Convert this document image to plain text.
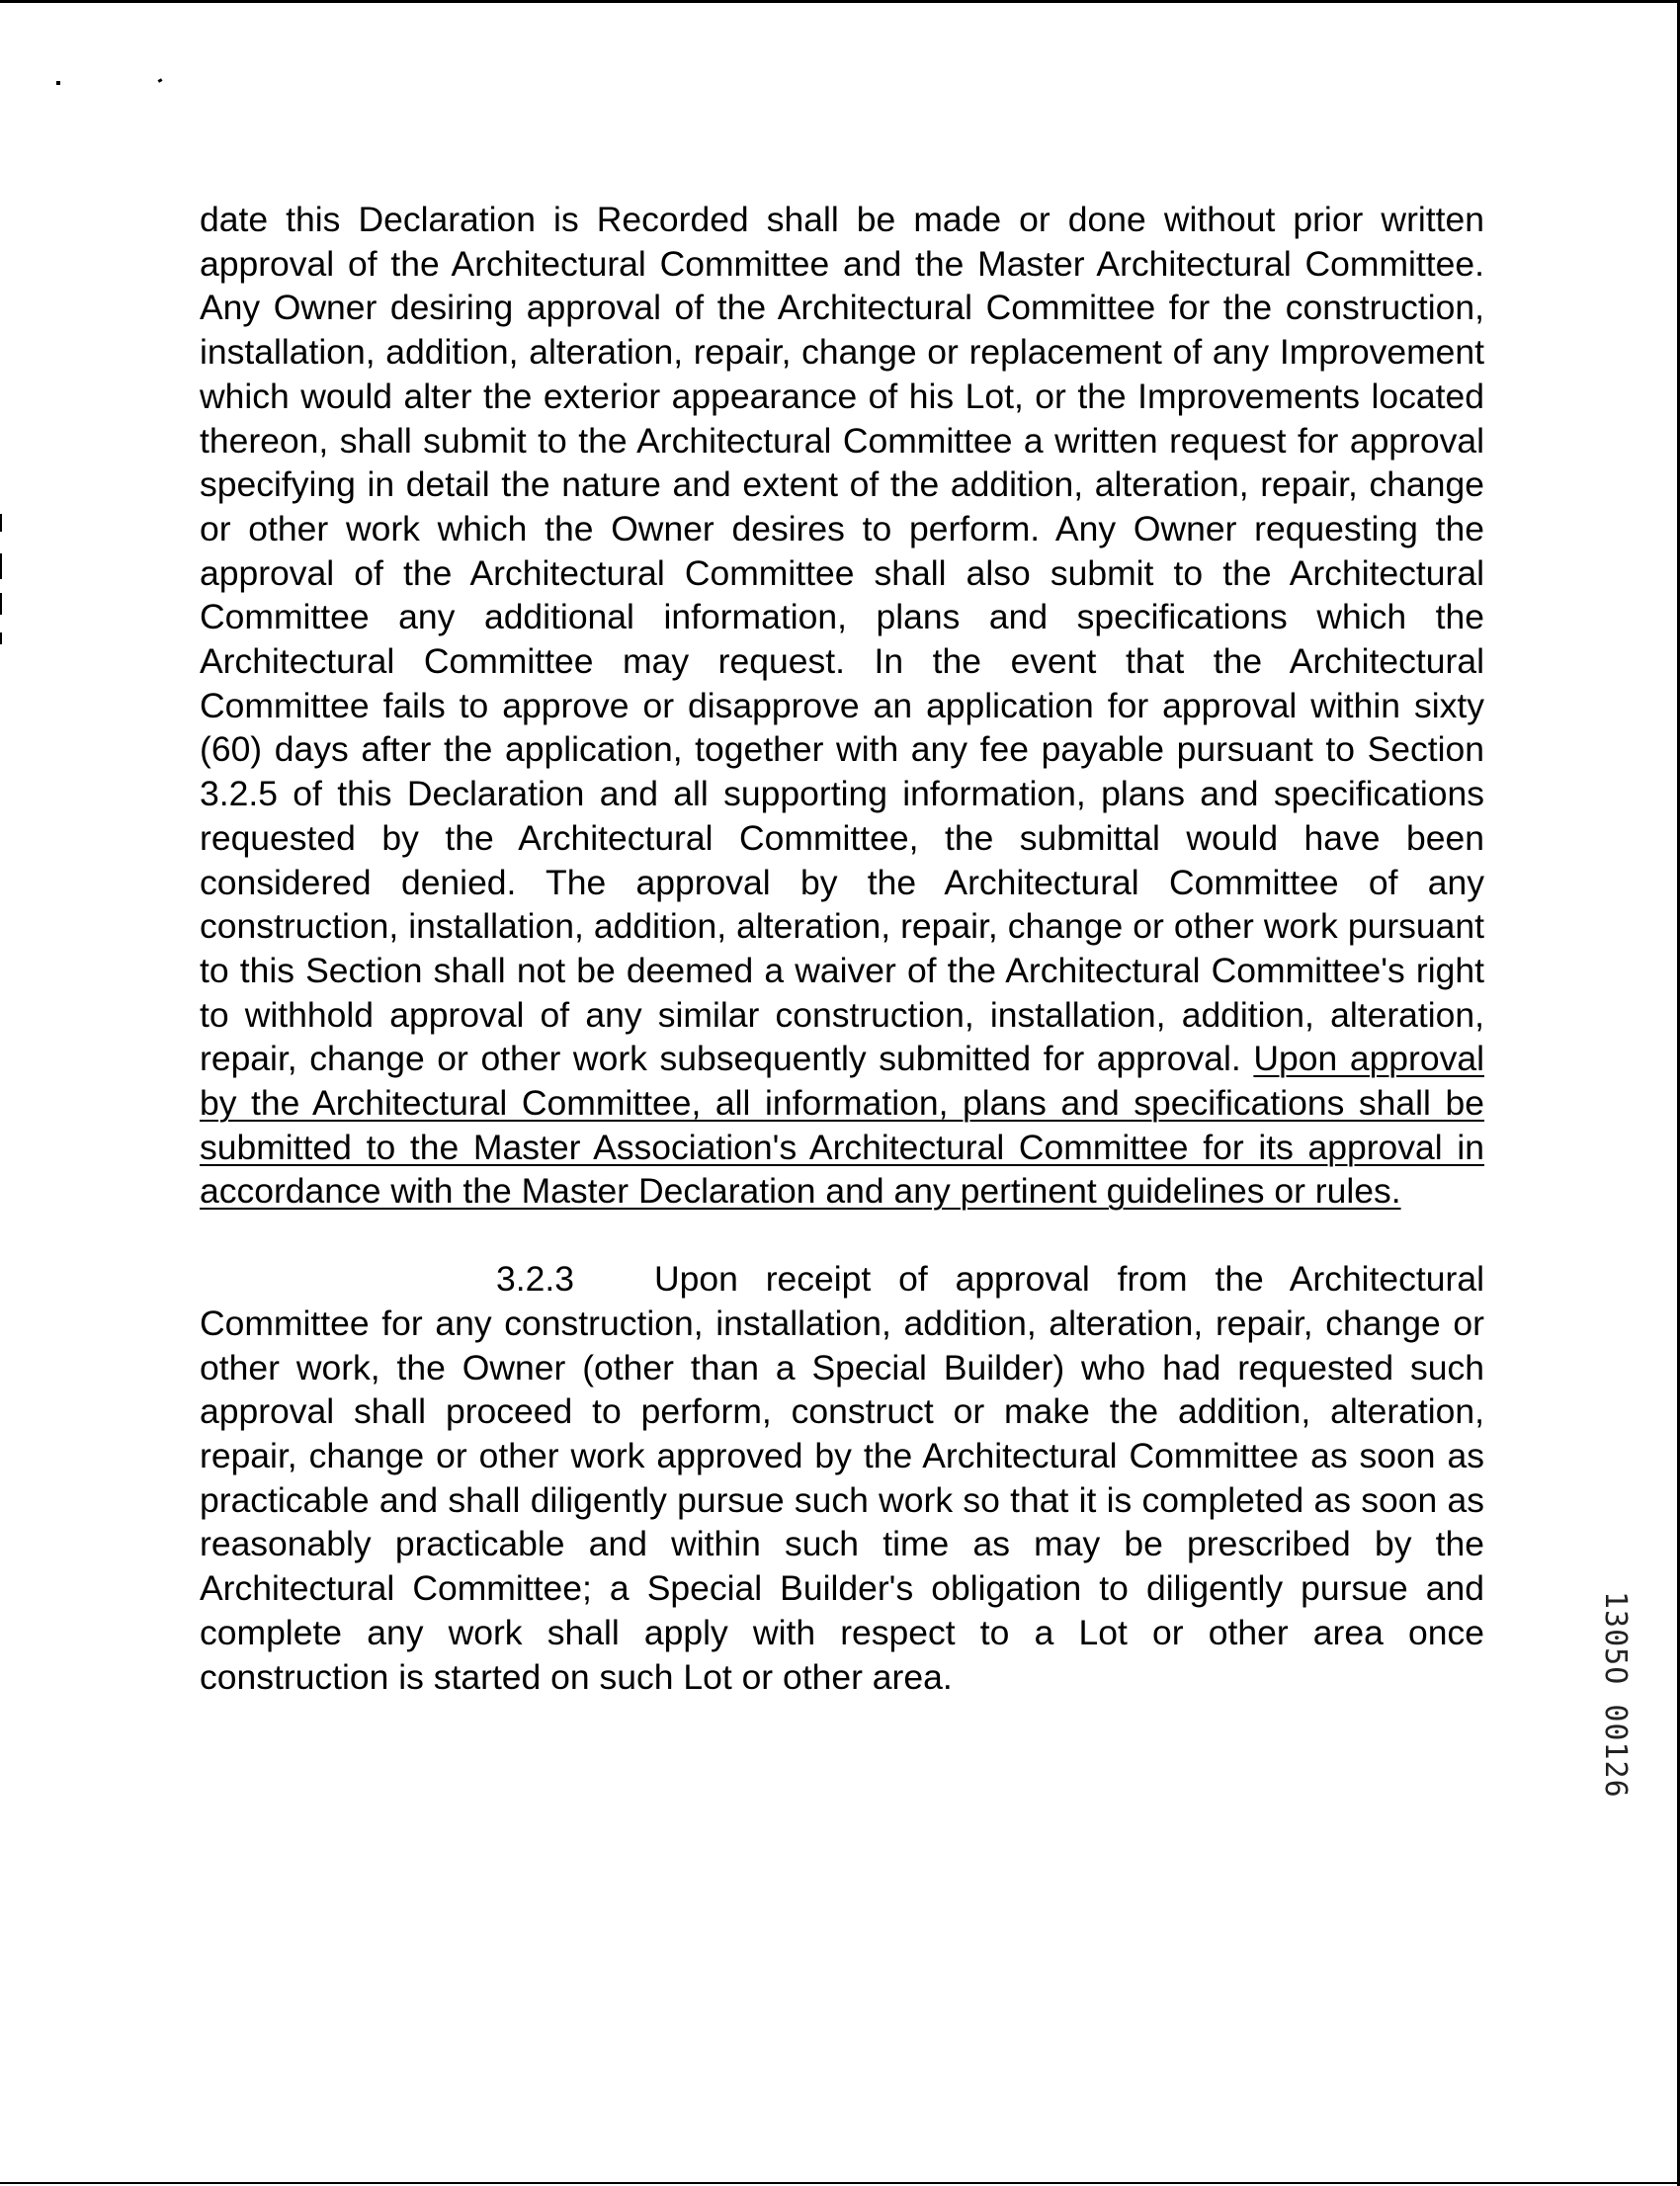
date this Declaration is Recorded shall be made or done without prior written approval of the Architectural Committee and the Master Architectural Committee. Any Owner desiring approval of the Architectural Committee for the construction, installation, addition, alteration, repair, change or replacement of any Improvement which would alter the exterior appearance of his Lot, or the Improvements located thereon, shall submit to the Architectural Committee a written request for approval specifying in detail the nature and extent of the addition, alteration, repair, change or other work which the Owner desires to perform. Any Owner requesting the approval of the Architectural Committee shall also submit to the Architectural Committee any additional information, plans and specifications which the Architectural Committee may request. In the event that the Architectural Committee fails to approve or disapprove an application for approval within sixty (60) days after the application, together with any fee payable pursuant to Section 3.2.5 of this Declaration and all supporting information, plans and specifications requested by the Architectural Committee, the submittal would have been considered denied. The approval by the Architectural Committee of any construction, installation, addition, alteration, repair, change or other work pursuant to this Section shall not be deemed a waiver of the Architectural Committee's right to withhold approval of any similar construction, installation, addition, alteration, repair, change or other work subsequently submitted for approval. Upon approval by the Architectural Committee, all information, plans and specifications shall be submitted to the Master Association's Architectural Committee for its approval in accordance with the Master Declaration and any pertinent guidelines or rules.

3.2.3 Upon receipt of approval from the Architectural Committee for any construction, installation, addition, alteration, repair, change or other work, the Owner (other than a Special Builder) who had requested such approval shall proceed to perform, construct or make the addition, alteration, repair, change or other work approved by the Architectural Committee as soon as practicable and shall diligently pursue such work so that it is completed as soon as reasonably practicable and within such time as may be prescribed by the Architectural Committee; a Special Builder's obligation to diligently pursue and complete any work shall apply with respect to a Lot or other area once construction is started on such Lot or other area.	1305O 00126
